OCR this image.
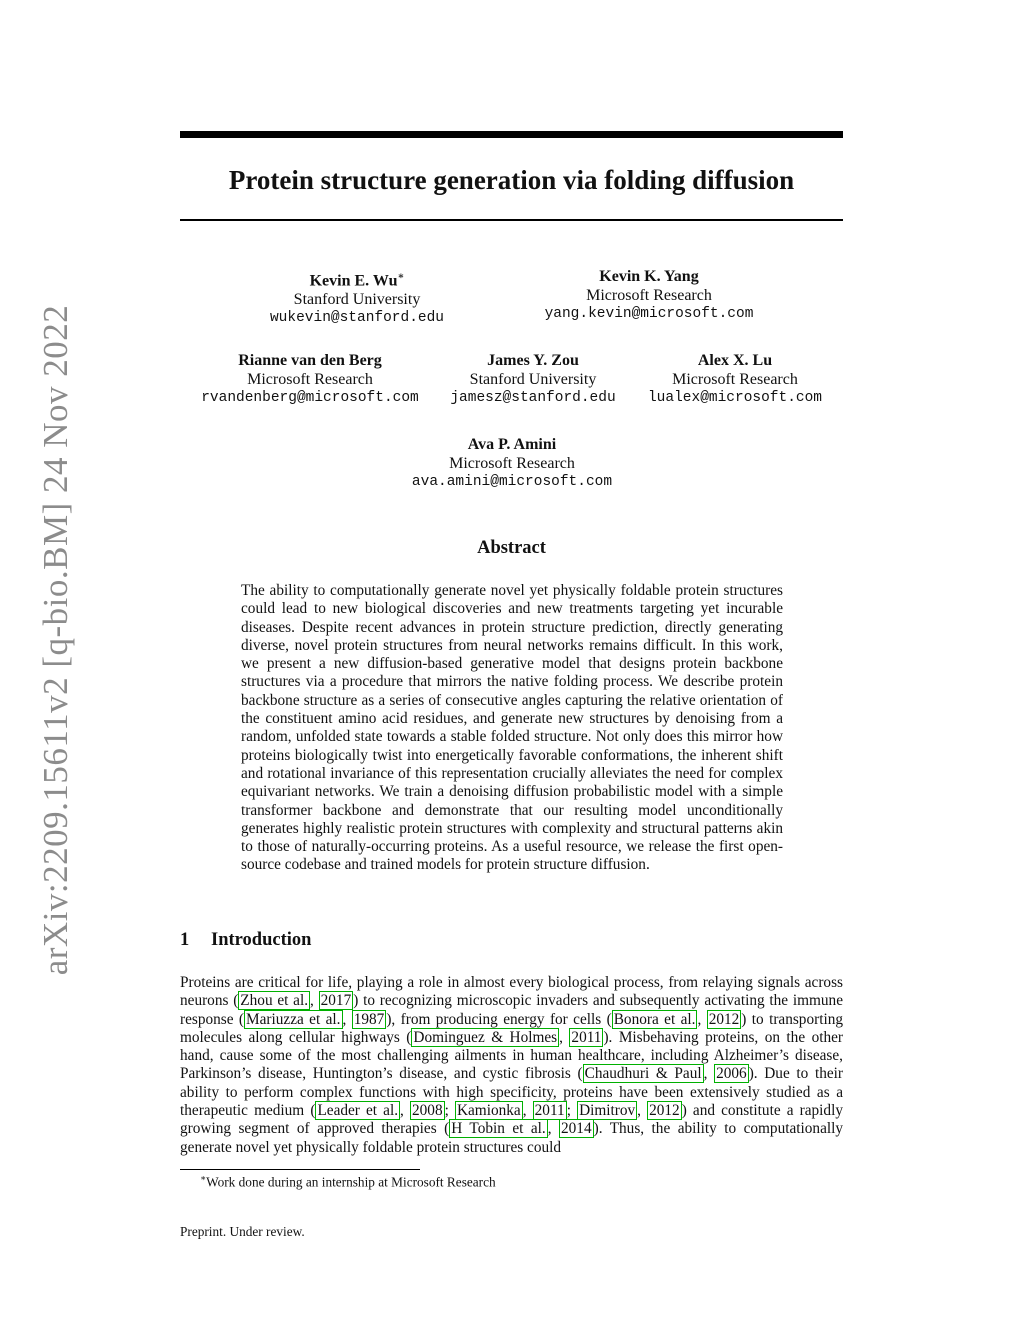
arXiv:2209.15611v2 [q-bio.BM] 24 Nov 2022
Protein structure generation via folding diffusion
Kevin E. Wu∗
Stanford University
wukevin@stanford.edu
Kevin K. Yang
Microsoft Research
yang.kevin@microsoft.com
Rianne van den Berg
Microsoft Research
rvandenberg@microsoft.com
James Y. Zou
Stanford University
jamesz@stanford.edu
Alex X. Lu
Microsoft Research
lualex@microsoft.com
Ava P. Amini
Microsoft Research
ava.amini@microsoft.com
Abstract

The ability to computationally generate novel yet physically foldable protein structures could lead to new biological discoveries and new treatments targeting yet incurable diseases. Despite recent advances in protein structure prediction, directly generating diverse, novel protein structures from neural networks remains difficult. In this work, we present a new diffusion-based generative model that designs protein backbone structures via a procedure that mirrors the native folding process. We describe protein backbone structure as a series of consecutive angles capturing the relative orientation of the constituent amino acid residues, and generate new structures by denoising from a random, unfolded state towards a stable folded structure. Not only does this mirror how proteins biologically twist into energetically favorable conformations, the inherent shift and rotational invariance of this representation crucially alleviates the need for complex equivariant networks. We train a denoising diffusion probabilistic model with a simple transformer backbone and demonstrate that our resulting model unconditionally generates highly realistic protein structures with complexity and structural patterns akin to those of naturally-occurring proteins. As a useful resource, we release the first open-source codebase and trained models for protein structure diffusion.

1 Introduction

Proteins are critical for life, playing a role in almost every biological process, from relaying signals across neurons ( Zhou et al. , 2017 ) to recognizing microscopic invaders and subsequently activating the immune response ( Mariuzza et al. , 1987 ), from producing energy for cells ( Bonora et al. , 2012 ) to transporting molecules along cellular highways ( Dominguez & Holmes , 2011 ). Misbehaving proteins, on the other hand, cause some of the most challenging ailments in human healthcare, including Alzheimer’s disease, Parkinson’s disease, Huntington’s disease, and cystic fibrosis ( Chaudhuri & Paul , 2006 ). Due to their ability to perform complex functions with high specificity, proteins have been extensively studied as a therapeutic medium ( Leader et al. , 2008 ; Kamionka , 2011 ; Dimitrov , 2012 ) and constitute a rapidly growing segment of approved therapies ( H Tobin et al. , 2014 ). Thus, the ability to computationally generate novel yet physically foldable protein structures could

∗Work done during an internship at Microsoft Research
Preprint. Under review.
